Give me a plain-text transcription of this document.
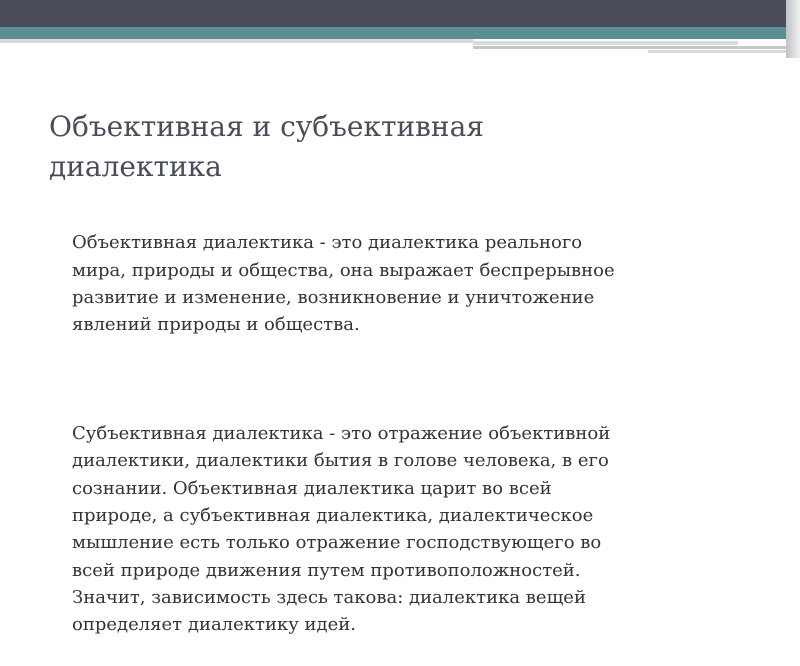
Объективная и субъективная
диалектика

Объективная диалектика - это диалектика реального
мира, природы и общества, она выражает беспрерывное
развитие и изменение, возникновение и уничтожение
явлений природы и общества.

Субъективная диалектика - это отражение объективной
диалектики, диалектики бытия в голове человека, в его
сознании. Объективная диалектика царит во всей
природе, а субъективная диалектика, диалектическое
мышление есть только отражение господствующего во
всей природе движения путем противоположностей.
Значит, зависимость здесь такова: диалектика вещей
определяет диалектику идей.
